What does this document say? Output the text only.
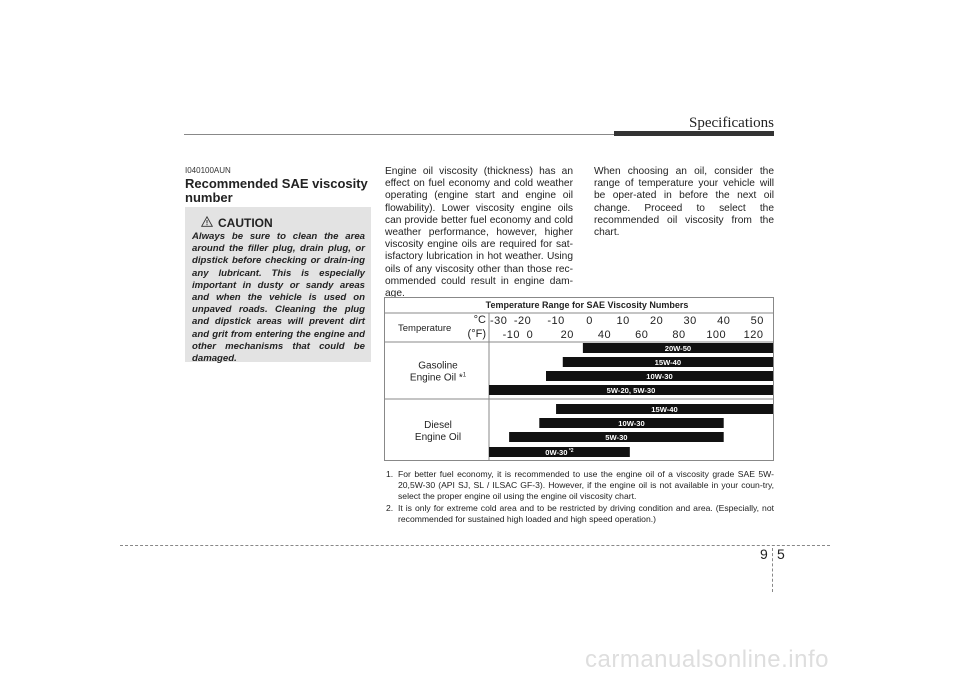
Specifications
I040100AUN
Recommended SAE viscosity number
CAUTION
Always be sure to clean the area around the filler plug, drain plug, or dipstick before checking or drain-ing any lubricant. This is especially important in dusty or sandy areas and when the vehicle is used on unpaved roads. Cleaning the plug and dipstick areas will prevent dirt and grit from entering the engine and other mechanisms that could be damaged.
Engine oil viscosity (thickness) has an effect on fuel economy and cold weather operating (engine start and engine oil flowability). Lower viscosity engine oils can provide better fuel economy and cold weather performance, however, higher viscosity engine oils are required for sat-isfactory lubrication in hot weather. Using oils of any viscosity other than those rec-ommended could result in engine dam-age.
When choosing an oil, consider the range of temperature your vehicle will be oper-ated in before the next oil change. Proceed to select the recommended oil viscosity from the chart.
Temperature Range for SAE Viscosity Numbers
Temperature
°C
(°F)
-30 -20 -10 0 10 20 30 40 50
-10 0 20 40 60 80 100 120
Gasoline
Engine Oil *$^1$
20W-50
15W-40
10W-30
5W-20, 5W-30
Diesel
Engine Oil
15W-40
10W-30
5W-30
0W-30 $^{*2}$
1. For better fuel economy, it is recommended to use the engine oil of a viscosity grade SAE 5W-20,5W-30 (API SJ, SL / ILSAC GF-3). However, if the engine oil is not available in your coun-try, select the proper engine oil using the engine oil viscosity chart.
2. It is only for extreme cold area and to be restricted by driving condition and area. (Especially, not recommended for sustained high loaded and high speed operation.)
9 5
carmanualsonline.info
